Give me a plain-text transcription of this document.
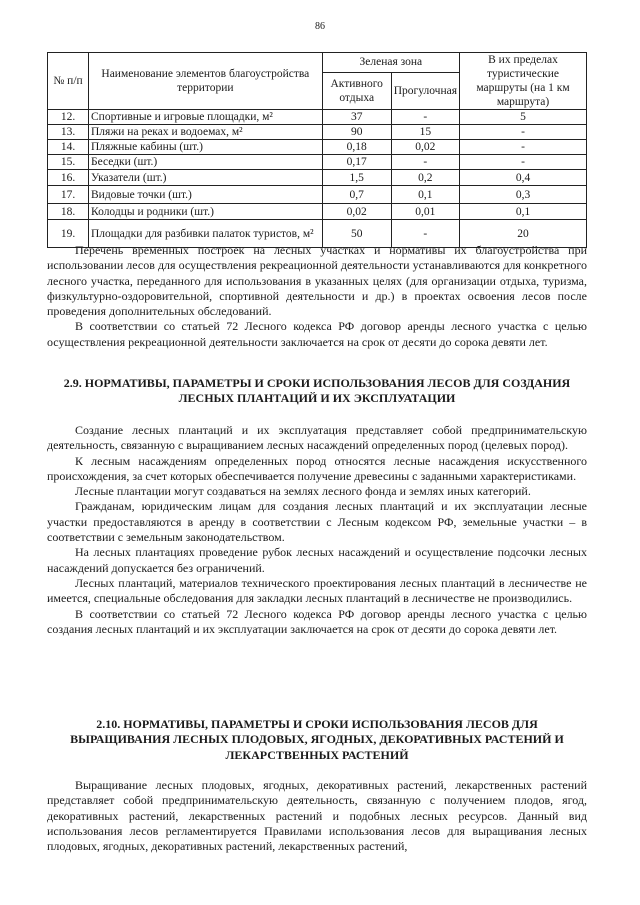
86
№ п/п	Наименование элементов благоустройства территории	Зеленая зона		В их пределах туристические маршруты (на 1 км маршрута)
		Активного отдыха	Прогулочная	
12.	Спортивные и игровые площадки, м²	37	-	5
13.	Пляжи на реках и водоемах, м²	90	15	-
14.	Пляжные кабины (шт.)	0,18	0,02	-
15.	Беседки (шт.)	0,17	-	-
16.	Указатели (шт.)	1,5	0,2	0,4
17.	Видовые точки (шт.)	0,7	0,1	0,3
18.	Колодцы и родники (шт.)	0,02	0,01	0,1
19.	Площадки для разбивки палаток туристов, м²	50	-	20

Перечень временных построек на лесных участках и нормативы их благоустройства при использовании лесов для осуществления рекреационной деятельности устанавливаются для конкретного лесного участка, переданного для использования в указанных целях (для организации отдыха, туризма, физкультурно-оздоровительной, спортивной деятельности и др.) в проектах освоения лесов после проведения дополнительных обследований.

В соответствии со статьей 72 Лесного кодекса РФ договор аренды лесного участка с целью осуществления рекреационной деятельности заключается на срок от десяти до сорока девяти лет.

2.9. НОРМАТИВЫ, ПАРАМЕТРЫ И СРОКИ ИСПОЛЬЗОВАНИЯ ЛЕСОВ ДЛЯ СОЗДАНИЯ ЛЕСНЫХ ПЛАНТАЦИЙ И ИХ ЭКСПЛУАТАЦИИ

Создание лесных плантаций и их эксплуатация представляет собой предпринимательскую деятельность, связанную с выращиванием лесных насаждений определенных пород (целевых пород).

К лесным насаждениям определенных пород относятся лесные насаждения искусственного происхождения, за счет которых обеспечивается получение древесины с заданными характеристиками.

Лесные плантации могут создаваться на землях лесного фонда и землях иных категорий.

Гражданам, юридическим лицам для создания лесных плантаций и их эксплуатации лесные участки предоставляются в аренду в соответствии с Лесным кодексом РФ, земельные участки – в соответствии с земельным законодательством.

На лесных плантациях проведение рубок лесных насаждений и осуществление подсочки лесных насаждений допускается без ограничений.

Лесных плантаций, материалов технического проектирования лесных плантаций в лесничестве не имеется, специальные обследования для закладки лесных плантаций в лесничестве не производились.

В соответствии со статьей 72 Лесного кодекса РФ договор аренды лесного участка с целью создания лесных плантаций и их эксплуатации заключается на срок от десяти до сорока девяти лет.

2.10. НОРМАТИВЫ, ПАРАМЕТРЫ И СРОКИ ИСПОЛЬЗОВАНИЯ ЛЕСОВ ДЛЯ ВЫРАЩИВАНИЯ ЛЕСНЫХ ПЛОДОВЫХ, ЯГОДНЫХ, ДЕКОРАТИВНЫХ РАСТЕНИЙ И ЛЕКАРСТВЕННЫХ РАСТЕНИЙ

Выращивание лесных плодовых, ягодных, декоративных растений, лекарственных растений представляет собой предпринимательскую деятельность, связанную с получением плодов, ягод, декоративных растений, лекарственных растений и подобных лесных ресурсов. Данный вид использования лесов регламентируется Правилами использования лесов для выращивания лесных плодовых, ягодных, декоративных растений, лекарственных растений,
